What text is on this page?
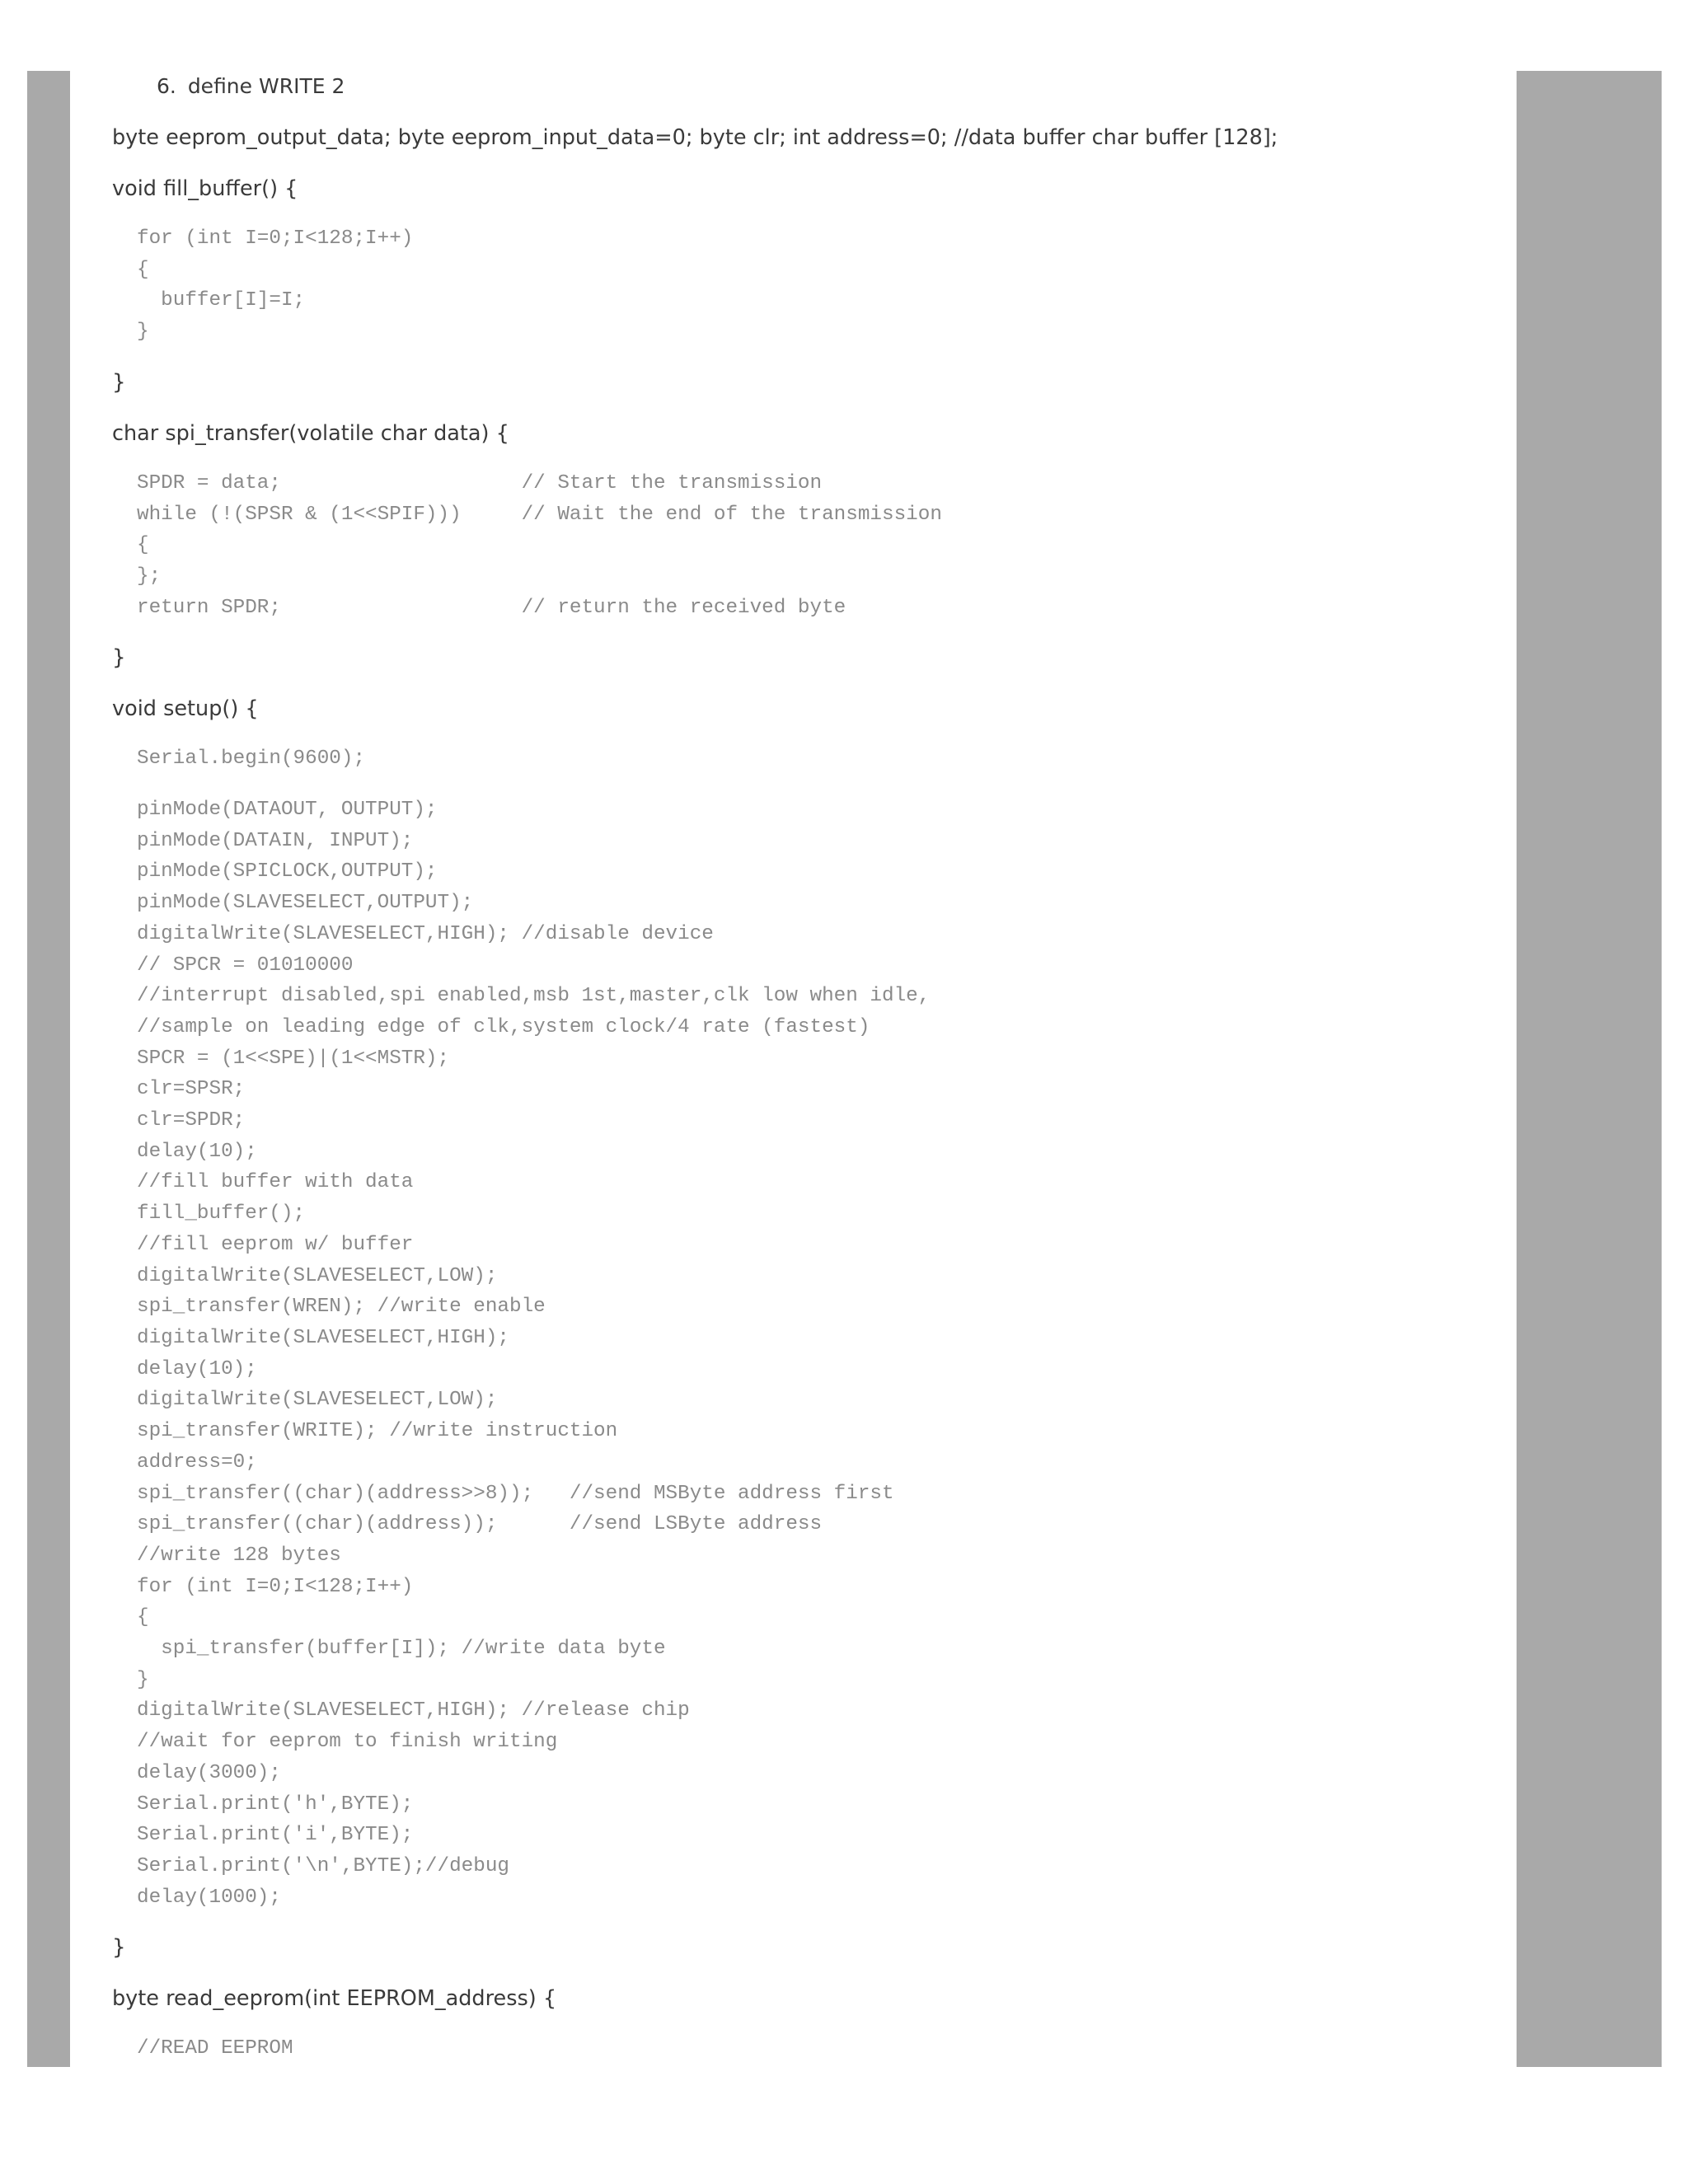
6. define WRITE 2

byte eeprom_output_data; byte eeprom_input_data=0; byte clr; int address=0; //data buffer char buffer [128];

void fill_buffer() {

for (int I=0;I<128;I++)
{
buffer[I]=I;
}

}

char spi_transfer(volatile char data) {

SPDR = data;                    // Start the transmission
while (!(SPSR & (1<<SPIF)))     // Wait the end of the transmission
{
};
return SPDR;                    // return the received byte

}

void setup() {

Serial.begin(9600);
pinMode(DATAOUT, OUTPUT);
pinMode(DATAIN, INPUT);
pinMode(SPICLOCK,OUTPUT);
pinMode(SLAVESELECT,OUTPUT);
digitalWrite(SLAVESELECT,HIGH); //disable device
// SPCR = 01010000
//interrupt disabled,spi enabled,msb 1st,master,clk low when idle,
//sample on leading edge of clk,system clock/4 rate (fastest)
SPCR = (1<<SPE)|(1<<MSTR);
clr=SPSR;
clr=SPDR;
delay(10);
//fill buffer with data
fill_buffer();
//fill eeprom w/ buffer
digitalWrite(SLAVESELECT,LOW);
spi_transfer(WREN); //write enable
digitalWrite(SLAVESELECT,HIGH);
delay(10);
digitalWrite(SLAVESELECT,LOW);
spi_transfer(WRITE); //write instruction
address=0;
spi_transfer((char)(address>>8));   //send MSByte address first
spi_transfer((char)(address));      //send LSByte address
//write 128 bytes
for (int I=0;I<128;I++)
{
spi_transfer(buffer[I]); //write data byte
}
digitalWrite(SLAVESELECT,HIGH); //release chip
//wait for eeprom to finish writing
delay(3000);
Serial.print('h',BYTE);
Serial.print('i',BYTE);
Serial.print('\n',BYTE);//debug
delay(1000);

}

byte read_eeprom(int EEPROM_address) {

//READ EEPROM
